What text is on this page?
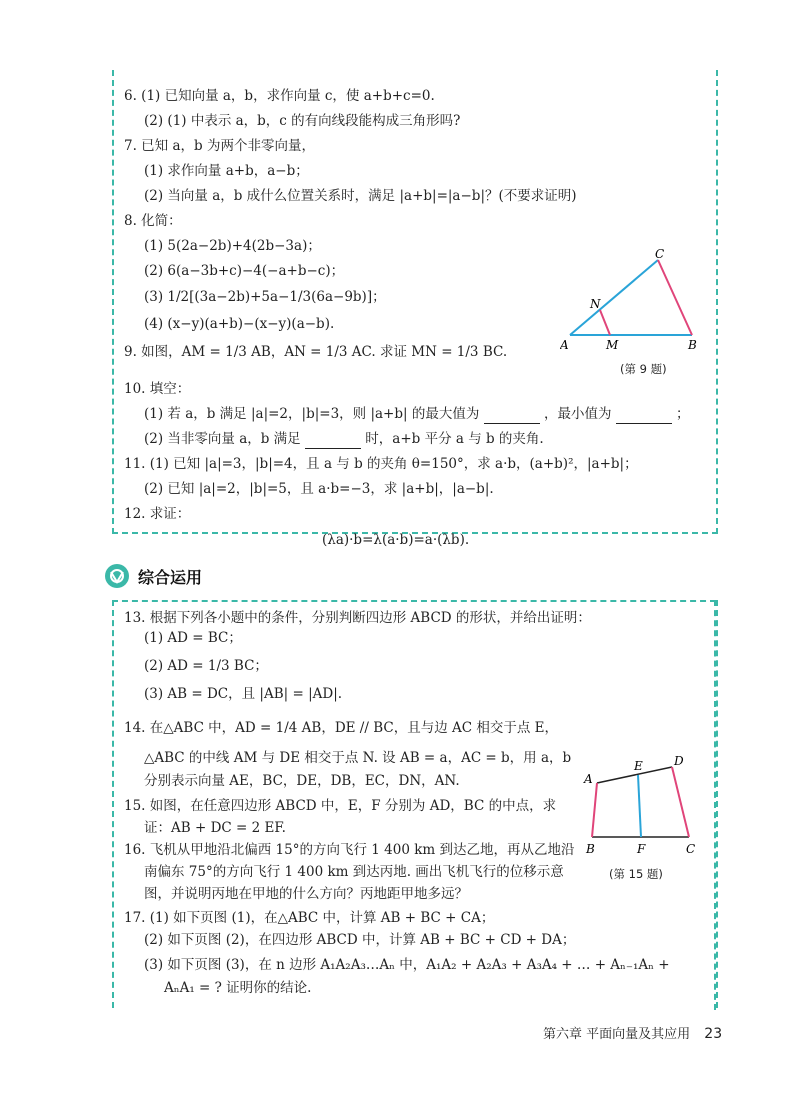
6. (1) 已知向量 a，b，求作向量 c，使 a+b+c=0.
(2) (1) 中表示 a，b，c 的有向线段能构成三角形吗?
7. 已知 a，b 为两个非零向量，
(1) 求作向量 a+b，a−b；
(2) 当向量 a，b 成什么位置关系时，满足 |a+b|=|a−b|？(不要求证明)
8. 化简：
(1) 5(2a−2b)+4(2b−3a)；
(2) 6(a−3b+c)−4(−a+b−c)；
(3) 1/2[(3a−2b)+5a−1/3(6a−9b)]；
(4) (x−y)(a+b)−(x−y)(a−b).
9. 如图，AM = 1/3 AB，AN = 1/3 AC. 求证 MN = 1/3 BC.	A	M	B
C
N
(第 9 题)
10. 填空：
(1) 若 a，b 满足 |a|=2，|b|=3，则 |a+b| 的最大值为	，最小值为	；
(2) 当非零向量 a，b 满足	时，a+b 平分 a 与 b 的夹角.
11. (1) 已知 |a|=3，|b|=4，且 a 与 b 的夹角 θ=150°，求 a·b，(a+b)²，|a+b|；
(2) 已知 |a|=2，|b|=5，且 a·b=−3，求 |a+b|，|a−b|.
12. 求证：
(λa)·b=λ(a·b)=a·(λb).
综合运用
13. 根据下列各小题中的条件，分别判断四边形 ABCD 的形状，并给出证明：
(1) AD = BC；
(2) AD = 1/3 BC；
(3) AB = DC，且 |AB| = |AD|.
14. 在△ABC 中，AD = 1/4 AB，DE // BC，且与边 AC 相交于点 E，
△ABC 的中线 AM 与 DE 相交于点 N. 设 AB = a，AC = b，用 a，b
分别表示向量 AE，BC，DE，DB，EC，DN，AN.
15. 如图，在任意四边形 ABCD 中，E，F 分别为 AD，BC 的中点，求
证：AB + DC = 2 EF.
A
E	D
B	F	C
(第 15 题)
16. 飞机从甲地沿北偏西 15°的方向飞行 1 400 km 到达乙地，再从乙地沿
南偏东 75°的方向飞行 1 400 km 到达丙地. 画出飞机飞行的位移示意
图，并说明丙地在甲地的什么方向？丙地距甲地多远？
17. (1) 如下页图 (1)，在△ABC 中，计算 AB + BC + CA；
(2) 如下页图 (2)，在四边形 ABCD 中，计算 AB + BC + CD + DA；
(3) 如下页图 (3)，在 n 边形 A₁A₂A₃…Aₙ 中，A₁A₂ + A₂A₃ + A₃A₄ + … + Aₙ₋₁Aₙ +
AₙA₁ = ? 证明你的结论.
第六章 平面向量及其应用 23
